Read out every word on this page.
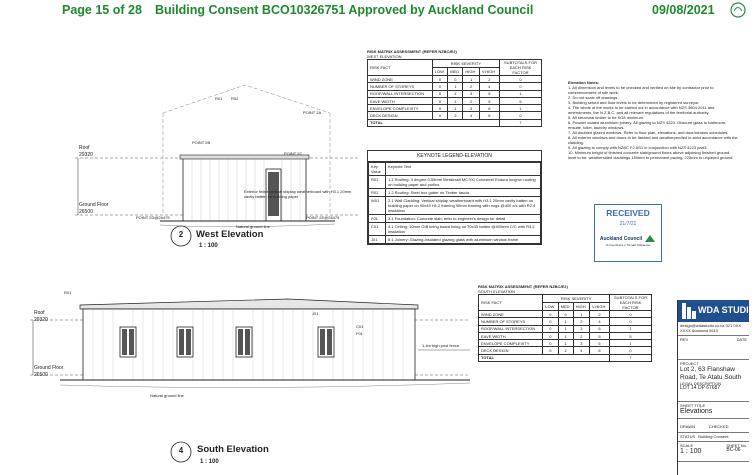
Page 15 of 28 Building Consent BCO10326751 Approved by Auckland Council	09/08/2021
Roof
29320
Ground Floor
26500
POINT 2B
POINT 2A
POINT 2C
POINT 2D@26475	POINT 2E@26475
R01 R02
Natural ground line
Exterior finish vertical shiplap weatherboard with H3.1 20mm cavity batten on building paper
2	West Elevation
1 : 100
Roof
29320
Ground Floor
26500
R01
J01
C01
F01
Natural ground line
1.4m high pool fence
4	South Elevation
1 : 100
RISK MATRIX ASSESSMENT (REFER NZBC/E2)
WEST ELEVATION
RISK FACT	RISK SEVERITY				SUBTOTALS FOR EACH RISK FACTOR
	LOW	MED	HIGH	V.HIGH	
WIND ZONE	0	0	1	2	0
NUMBER OF STOREYS	0	1	2	4	0
ROOF/WALL INTERSECTION	0	1	3	5	1
EAVE WIDTH	0	1	2	5	5
ENVELOPE COMPLEXITY	0	1	3	6	1
DECK DESIGN	0	2	4	6	0
TOTAL					7
KEYNOTE LEGEND-ELEVATION
Key Value	Keynote Text
R01	1.1 Roofing: 4 degree 0.55mm Metalcraft MC700 Colorsteel Endura longrun roofing on building paper and purlins
R02	1.2 Roofing: Steel box gutter on Timber fascia
W01	2.1 Wall Cladding: Vertical shiplap weatherboard with H3.1 20mm cavity batten on building paper on 90x45 H1.2 framing 90mm framing with nogs @400 c/s with R2.4 insulation
F01	3.1 Foundation: Concrete slab, refer to engineer's design for detail
C01	4.1 Ceiling: 10mm GIB lining board lining on 70x35 batten @400mm C/C with R3.2 insulation
J01	5.1 Joinery: Glazing-insulated glazing glass with aluminium window frame
RISK MATRIX ASSESSMENT (REFER NZBC/E2)
SOUTH ELEVATION
RISK FACT	RISK SEVERITY				SUBTOTALS FOR EACH RISK FACTOR
	LOW	MED	HIGH	V.HIGH	
WIND ZONE	0	0	1	2	0
NUMBER OF STOREYS	0	1	2	4	0
ROOF/WALL INTERSECTION	0	1	3	5	1
EAVE WIDTH	0	1	2	5	5
ENVELOPE COMPLEXITY	0	1	3	6	1
DECK DESIGN	0	2	4	6	0
TOTAL					7
Elevation Notes:
1. All dimension and levels to be checked and verified on site by contractor prior to commencement of site work.
2. Do not scale off drawings.
3. Building setout and floor levels to be determined by registered surveyor.
4. The whole of the works to be carried out in accordance with NZS 3604:2011 and amendments, the N.Z.B.C. and all relevant regulations of the territorial authority.
5. All structural timber to be SG8 minimum.
6. Powder coated aluminium joinery. All glazing to NZS 4223. Obscure glass to bathroom, ensuite, toilet, laundry windows.
7. All doubled glazed windows. Refer to floor plan, elevations, and door/window schedules.
8. All exterior windows and doors to be flashed and weatherproofed in strict accordance with the cladding.
9. All glazing to comply with NZBC F2 AS1 in conjunction with NZS 4223 part3.
10. Minimum height of finished concrete slab/ground floors above adjoining finished ground level to be: weathersided claddings 150mm to permanent paving, 225mm to unpaved ground.
RECEIVED
21/7/21
Auckland Council
Te Kaunihera o Tāmaki Makaurau
WDA STUDIO
design@wdastudio.co.nz 021 0XX XXXX Auckland 0610
REV	DATE
PROJECT
Lot 2, 63 Flanshaw Road, Te Atatu South
LEGAL DESCRIPTION
LOT 14 DP 67687
SHEET TITLE
Elevations
DRAWN	CHECKED
STATUS Building Consent
SCALE
1 : 100
SHEET No.
BC-06
